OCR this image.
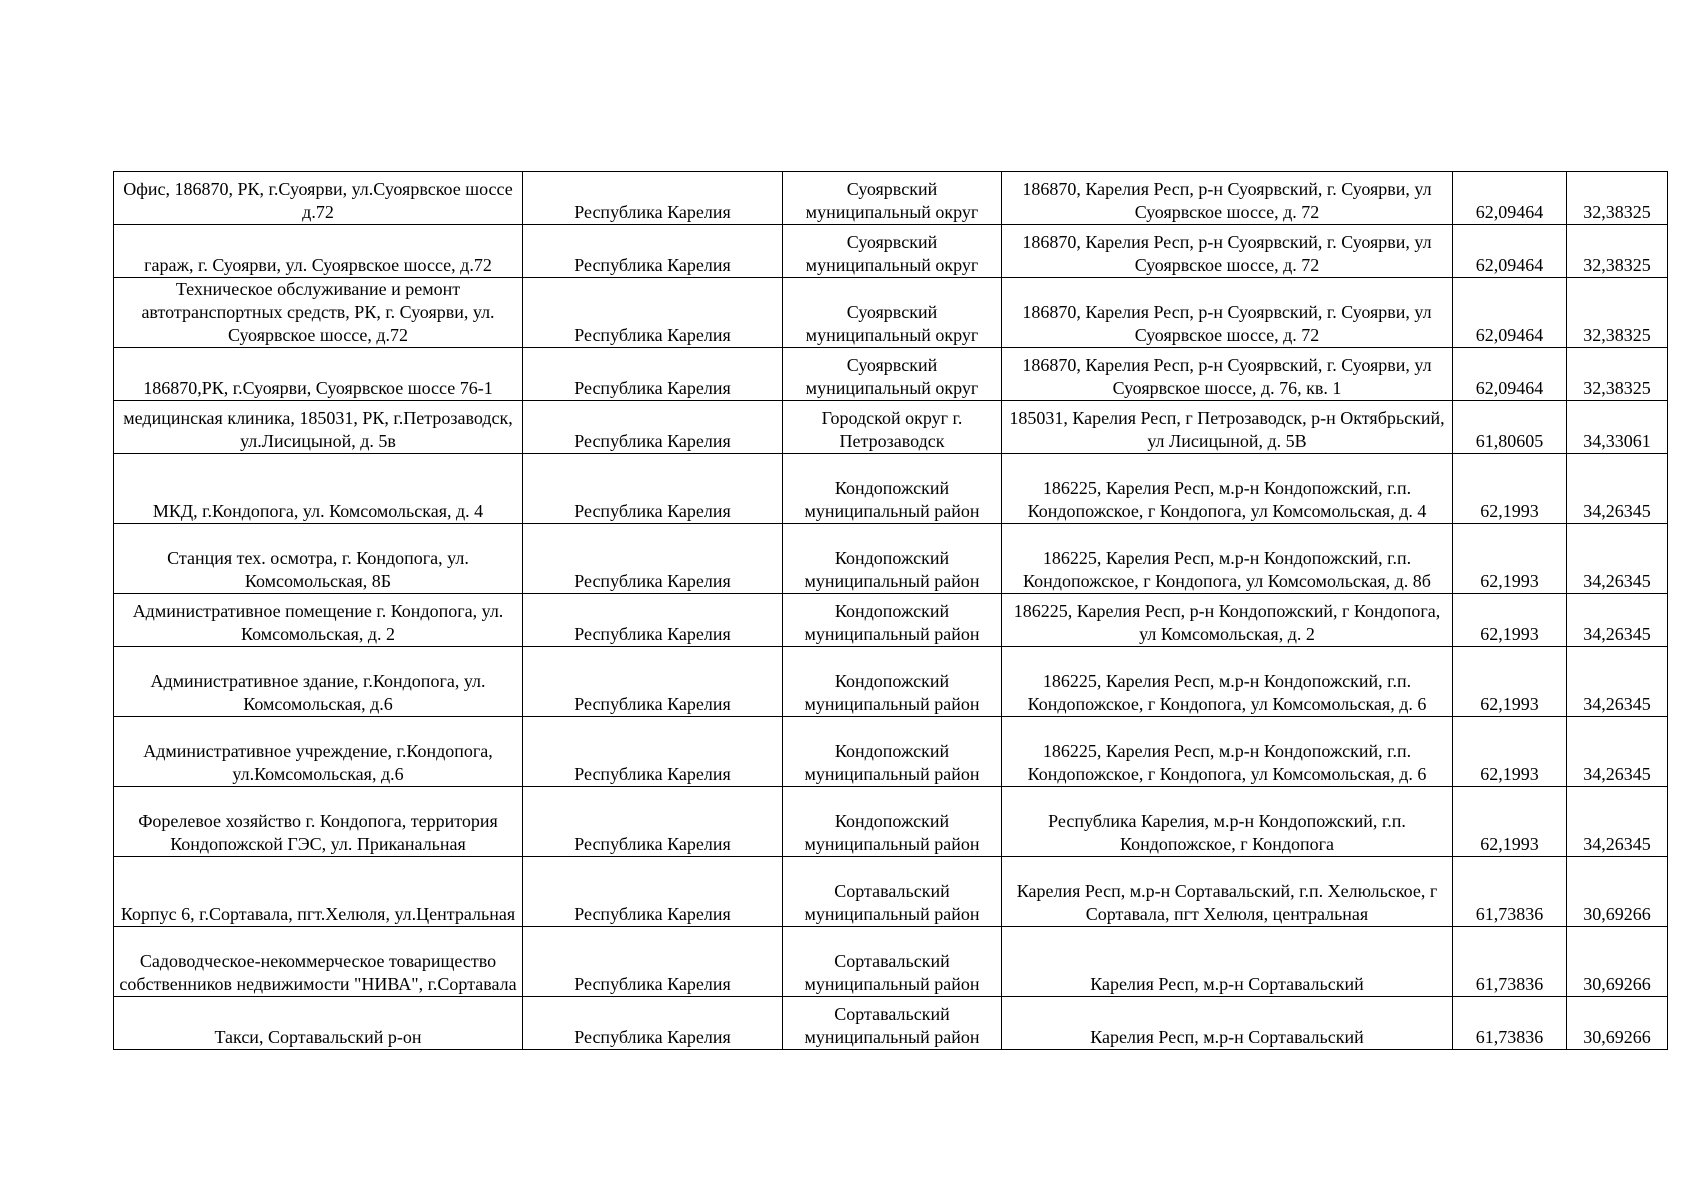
Офис, 186870, РК, г.Суоярви, ул.Суоярвское шоссе д.72	Республика Карелия	Суоярвский муниципальный округ	186870, Карелия Респ, р-н Суоярвский, г. Суоярви, ул Суоярвское шоссе, д. 72	62,09464	32,38325
гараж, г. Суоярви, ул. Суоярвское шоссе, д.72	Республика Карелия	Суоярвский муниципальный округ	186870, Карелия Респ, р-н Суоярвский, г. Суоярви, ул Суоярвское шоссе, д. 72	62,09464	32,38325
Техническое обслуживание и ремонт автотранспортных средств, РК, г. Суоярви, ул. Суоярвское шоссе, д.72	Республика Карелия	Суоярвский муниципальный округ	186870, Карелия Респ, р-н Суоярвский, г. Суоярви, ул Суоярвское шоссе, д. 72	62,09464	32,38325
186870,РК, г.Суоярви, Суоярвское шоссе 76-1	Республика Карелия	Суоярвский муниципальный округ	186870, Карелия Респ, р-н Суоярвский, г. Суоярви, ул Суоярвское шоссе, д. 76, кв. 1	62,09464	32,38325
медицинская клиника, 185031, РК, г.Петрозаводск, ул.Лисицыной, д. 5в	Республика Карелия	Городской округ г. Петрозаводск	185031, Карелия Респ, г Петрозаводск, р-н Октябрьский, ул Лисицыной, д. 5В	61,80605	34,33061
МКД, г.Кондопога, ул. Комсомольская, д. 4	Республика Карелия	Кондопожский муниципальный район	186225, Карелия Респ, м.р-н Кондопожский, г.п. Кондопожское, г Кондопога, ул Комсомольская, д. 4	62,1993	34,26345
Станция тех. осмотра, г. Кондопога, ул. Комсомольская, 8Б	Республика Карелия	Кондопожский муниципальный район	186225, Карелия Респ, м.р-н Кондопожский, г.п. Кондопожское, г Кондопога, ул Комсомольская, д. 8б	62,1993	34,26345
Административное помещение г. Кондопога, ул. Комсомольская, д. 2	Республика Карелия	Кондопожский муниципальный район	186225, Карелия Респ, р-н Кондопожский, г Кондопога, ул Комсомольская, д. 2	62,1993	34,26345
Административное здание, г.Кондопога, ул. Комсомольская, д.6	Республика Карелия	Кондопожский муниципальный район	186225, Карелия Респ, м.р-н Кондопожский, г.п. Кондопожское, г Кондопога, ул Комсомольская, д. 6	62,1993	34,26345
Административное учреждение, г.Кондопога, ул.Комсомольская, д.6	Республика Карелия	Кондопожский муниципальный район	186225, Карелия Респ, м.р-н Кондопожский, г.п. Кондопожское, г Кондопога, ул Комсомольская, д. 6	62,1993	34,26345
Форелевое хозяйство г. Кондопога, территория Кондопожской ГЭС, ул. Приканальная	Республика Карелия	Кондопожский муниципальный район	Республика Карелия, м.р-н Кондопожский, г.п. Кондопожское, г Кондопога	62,1993	34,26345
Корпус 6, г.Сортавала, пгт.Хелюля, ул.Центральная	Республика Карелия	Сортавальский муниципальный район	Карелия Респ, м.р-н Сортавальский, г.п. Хелюльское, г Сортавала, пгт Хелюля, центральная	61,73836	30,69266
Садоводческое-некоммерческое товарищество собственников недвижимости "НИВА", г.Сортавала	Республика Карелия	Сортавальский муниципальный район	Карелия Респ, м.р-н Сортавальский	61,73836	30,69266
Такси, Сортавальский р-он	Республика Карелия	Сортавальский муниципальный район	Карелия Респ, м.р-н Сортавальский	61,73836	30,69266
